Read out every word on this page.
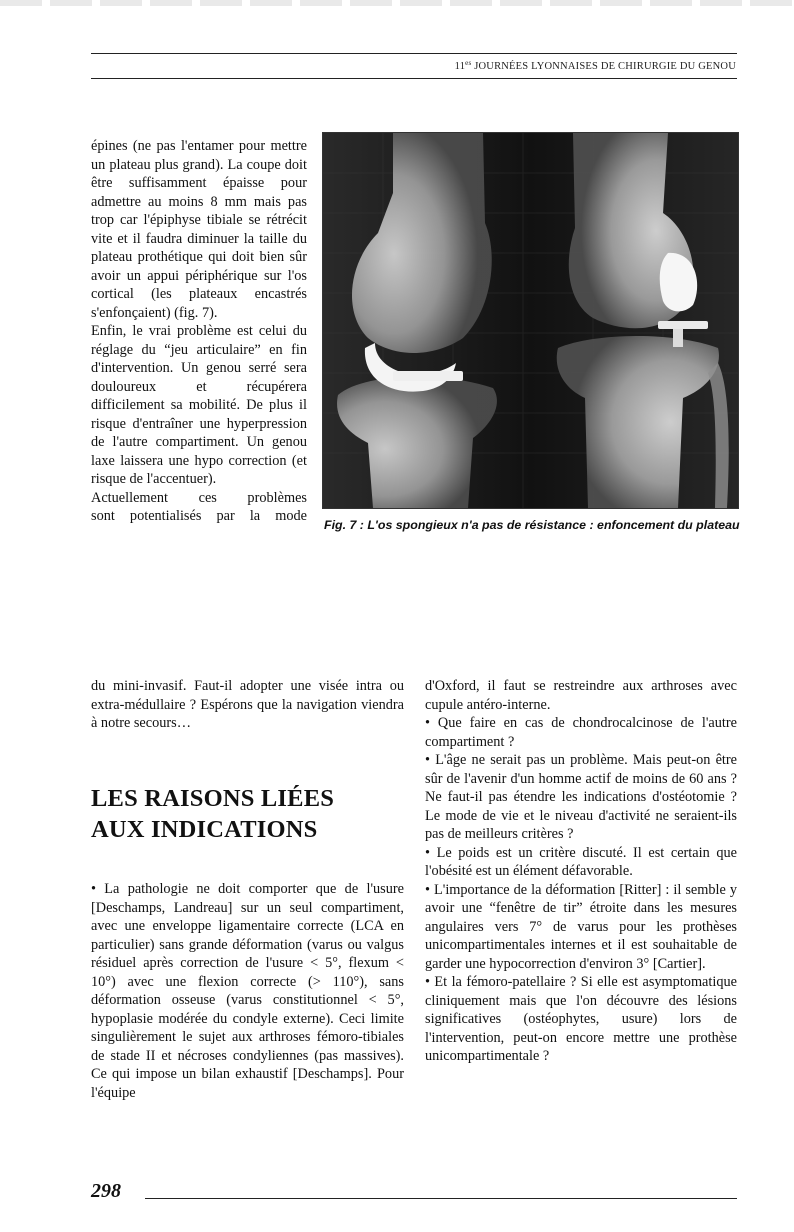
$11^{es}$ JOURNÉES LYONNAISES DE CHIRURGIE DU GENOU

épines (ne pas l'entamer pour mettre un plateau plus grand). La coupe doit être suffisamment épaisse pour admettre au moins 8 mm mais pas trop car l'épiphyse tibiale se rétrécit vite et il faudra diminuer la taille du plateau prothétique qui doit bien sûr avoir un appui périphérique sur l'os cortical (les plateaux encastrés s'enfonçaient) (fig. 7).

Enfin, le vrai problème est celui du réglage du “jeu articulaire” en fin d'intervention. Un genou serré sera douloureux et récupérera difficilement sa mobilité. De plus il risque d'entraîner une hyperpression de l'autre compartiment. Un genou laxe laissera une hypo correction (et risque de l'accentuer).

Actuellement ces problèmes

sont potentialisés par la mode

du mini-invasif. Faut-il adopter une visée intra ou extra-médullaire ? Espérons que la navigation viendra à notre secours…

LES RAISONS LIÉES
AUX INDICATIONS

• La pathologie ne doit comporter que de l'usure [Deschamps, Landreau] sur un seul compartiment, avec une enveloppe ligamentaire correcte (LCA en particulier) sans grande déformation (varus ou valgus résiduel après correction de l'usure < 5°, flexum < 10°) avec une flexion correcte (> 110°), sans déformation osseuse (varus constitutionnel < 5°, hypoplasie modérée du condyle externe). Ceci limite singulièrement le sujet aux arthroses fémoro-tibiales de stade II et nécroses condyliennes (pas massives). Ce qui impose un bilan exhaustif [Deschamps]. Pour l'équipe

Fig. 7 : L'os spongieux n'a pas de résistance : enfoncement du plateau

d'Oxford, il faut se restreindre aux arthroses avec cupule antéro-interne.

• Que faire en cas de chondrocalcinose de l'autre compartiment ?

• L'âge ne serait pas un problème. Mais peut-on être sûr de l'avenir d'un homme actif de moins de 60 ans ? Ne faut-il pas étendre les indications d'ostéotomie ? Le mode de vie et le niveau d'activité ne seraient-ils pas de meilleurs critères ?

• Le poids est un critère discuté. Il est certain que l'obésité est un élément défavorable.

• L'importance de la déformation [Ritter] : il semble y avoir une “fenêtre de tir” étroite dans les mesures angulaires vers 7° de varus pour les prothèses unicompartimentales internes et il est souhaitable de garder une hypocorrection d'environ 3° [Cartier].

• Et la fémoro-patellaire ? Si elle est asymptomatique cliniquement mais que l'on découvre des lésions significatives (ostéophytes, usure) lors de l'intervention, peut-on encore mettre une prothèse unicompartimentale ?

298
